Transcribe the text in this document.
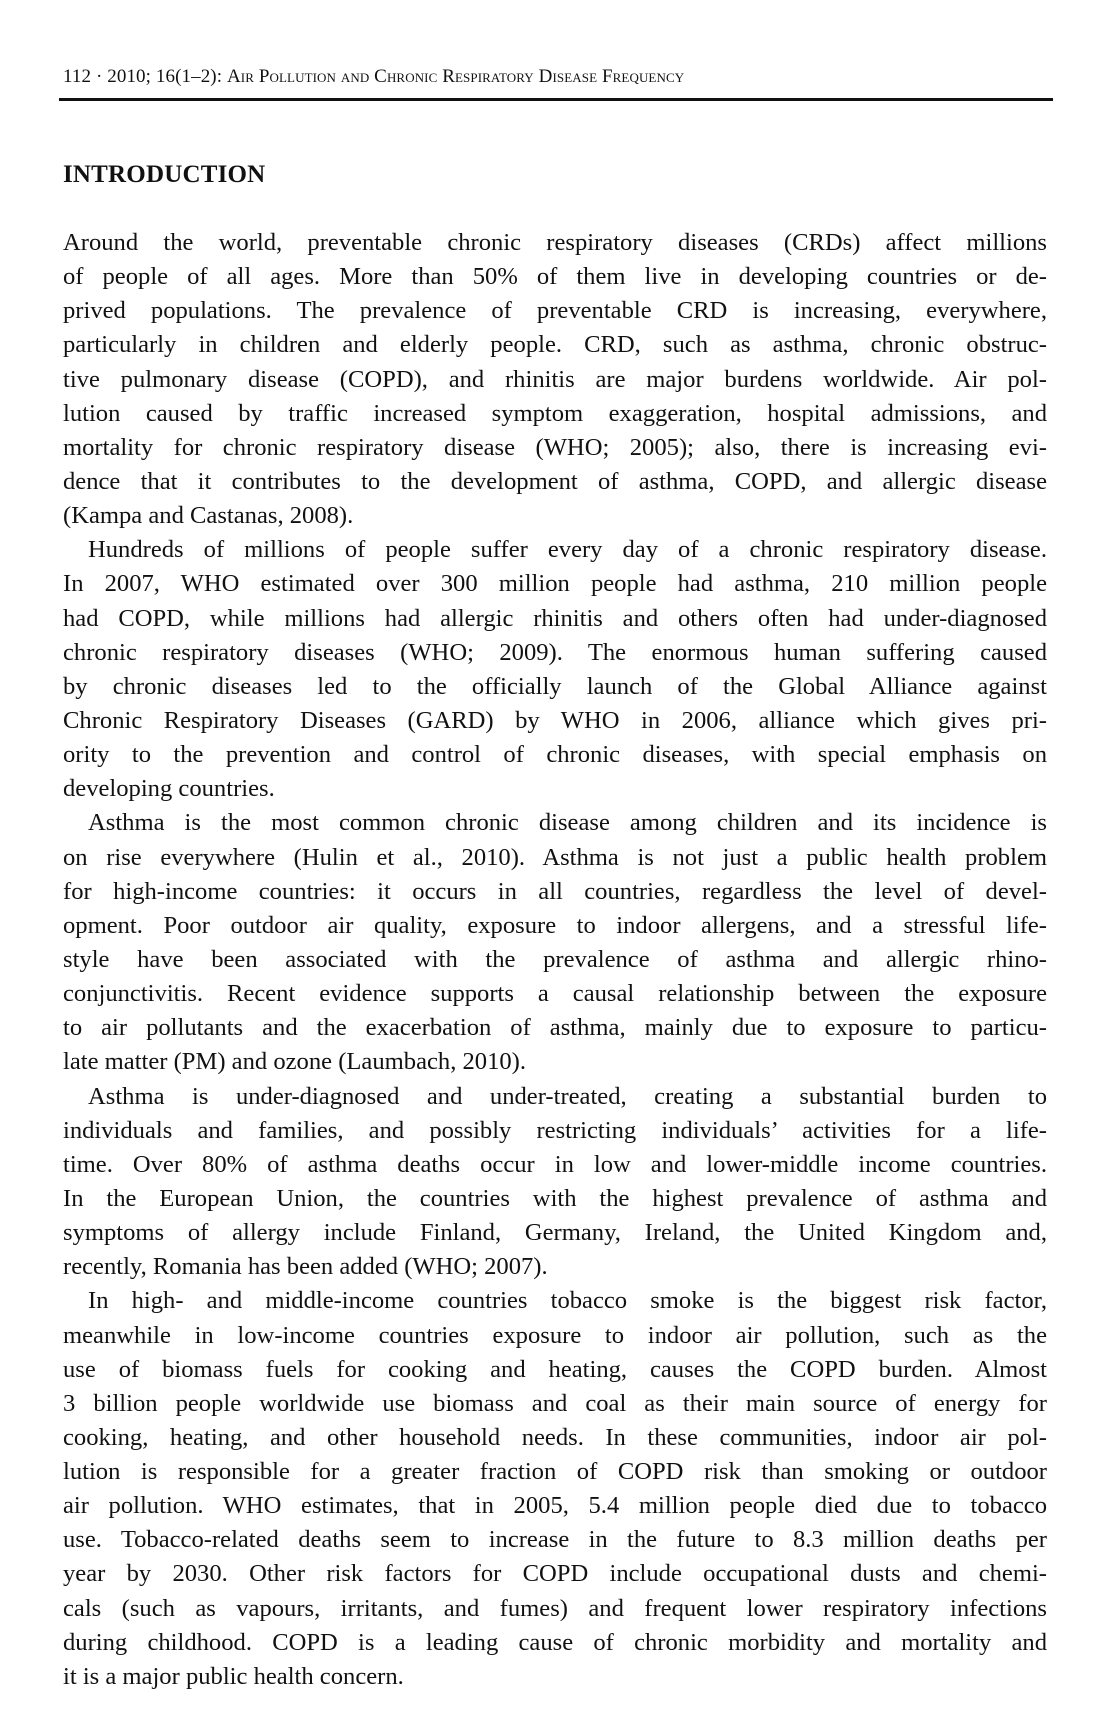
112 · 2010; 16(1–2): Air Pollution and Chronic Respiratory Disease Frequency
INTRODUCTION
Around the world, preventable chronic respiratory diseases (CRDs) affect millions
of people of all ages. More than 50% of them live in developing countries or de-
prived populations. The prevalence of preventable CRD is increasing, everywhere,
particularly in children and elderly people. CRD, such as asthma, chronic obstruc-
tive pulmonary disease (COPD), and rhinitis are major burdens worldwide. Air pol-
lution caused by traffic increased symptom exaggeration, hospital admissions, and
mortality for chronic respiratory disease (WHO; 2005); also, there is increasing evi-
dence that it contributes to the development of asthma, COPD, and allergic disease
(Kampa and Castanas, 2008).
Hundreds of millions of people suffer every day of a chronic respiratory disease.
In 2007, WHO estimated over 300 million people had asthma, 210 million people
had COPD, while millions had allergic rhinitis and others often had under-diagnosed
chronic respiratory diseases (WHO; 2009). The enormous human suffering caused
by chronic diseases led to the officially launch of the Global Alliance against
Chronic Respiratory Diseases (GARD) by WHO in 2006, alliance which gives pri-
ority to the prevention and control of chronic diseases, with special emphasis on
developing countries.
Asthma is the most common chronic disease among children and its incidence is
on rise everywhere (Hulin et al., 2010). Asthma is not just a public health problem
for high-income countries: it occurs in all countries, regardless the level of devel-
opment. Poor outdoor air quality, exposure to indoor allergens, and a stressful life-
style have been associated with the prevalence of asthma and allergic rhino-
conjunctivitis. Recent evidence supports a causal relationship between the exposure
to air pollutants and the exacerbation of asthma, mainly due to exposure to particu-
late matter (PM) and ozone (Laumbach, 2010).
Asthma is under-diagnosed and under-treated, creating a substantial burden to
individuals and families, and possibly restricting individuals’ activities for a life-
time. Over 80% of asthma deaths occur in low and lower-middle income countries.
In the European Union, the countries with the highest prevalence of asthma and
symptoms of allergy include Finland, Germany, Ireland, the United Kingdom and,
recently, Romania has been added (WHO; 2007).
In high- and middle-income countries tobacco smoke is the biggest risk factor,
meanwhile in low-income countries exposure to indoor air pollution, such as the
use of biomass fuels for cooking and heating, causes the COPD burden. Almost
3 billion people worldwide use biomass and coal as their main source of energy for
cooking, heating, and other household needs. In these communities, indoor air pol-
lution is responsible for a greater fraction of COPD risk than smoking or outdoor
air pollution. WHO estimates, that in 2005, 5.4 million people died due to tobacco
use. Tobacco-related deaths seem to increase in the future to 8.3 million deaths per
year by 2030. Other risk factors for COPD include occupational dusts and chemi-
cals (such as vapours, irritants, and fumes) and frequent lower respiratory infections
during childhood. COPD is a leading cause of chronic morbidity and mortality and
it is a major public health concern.
